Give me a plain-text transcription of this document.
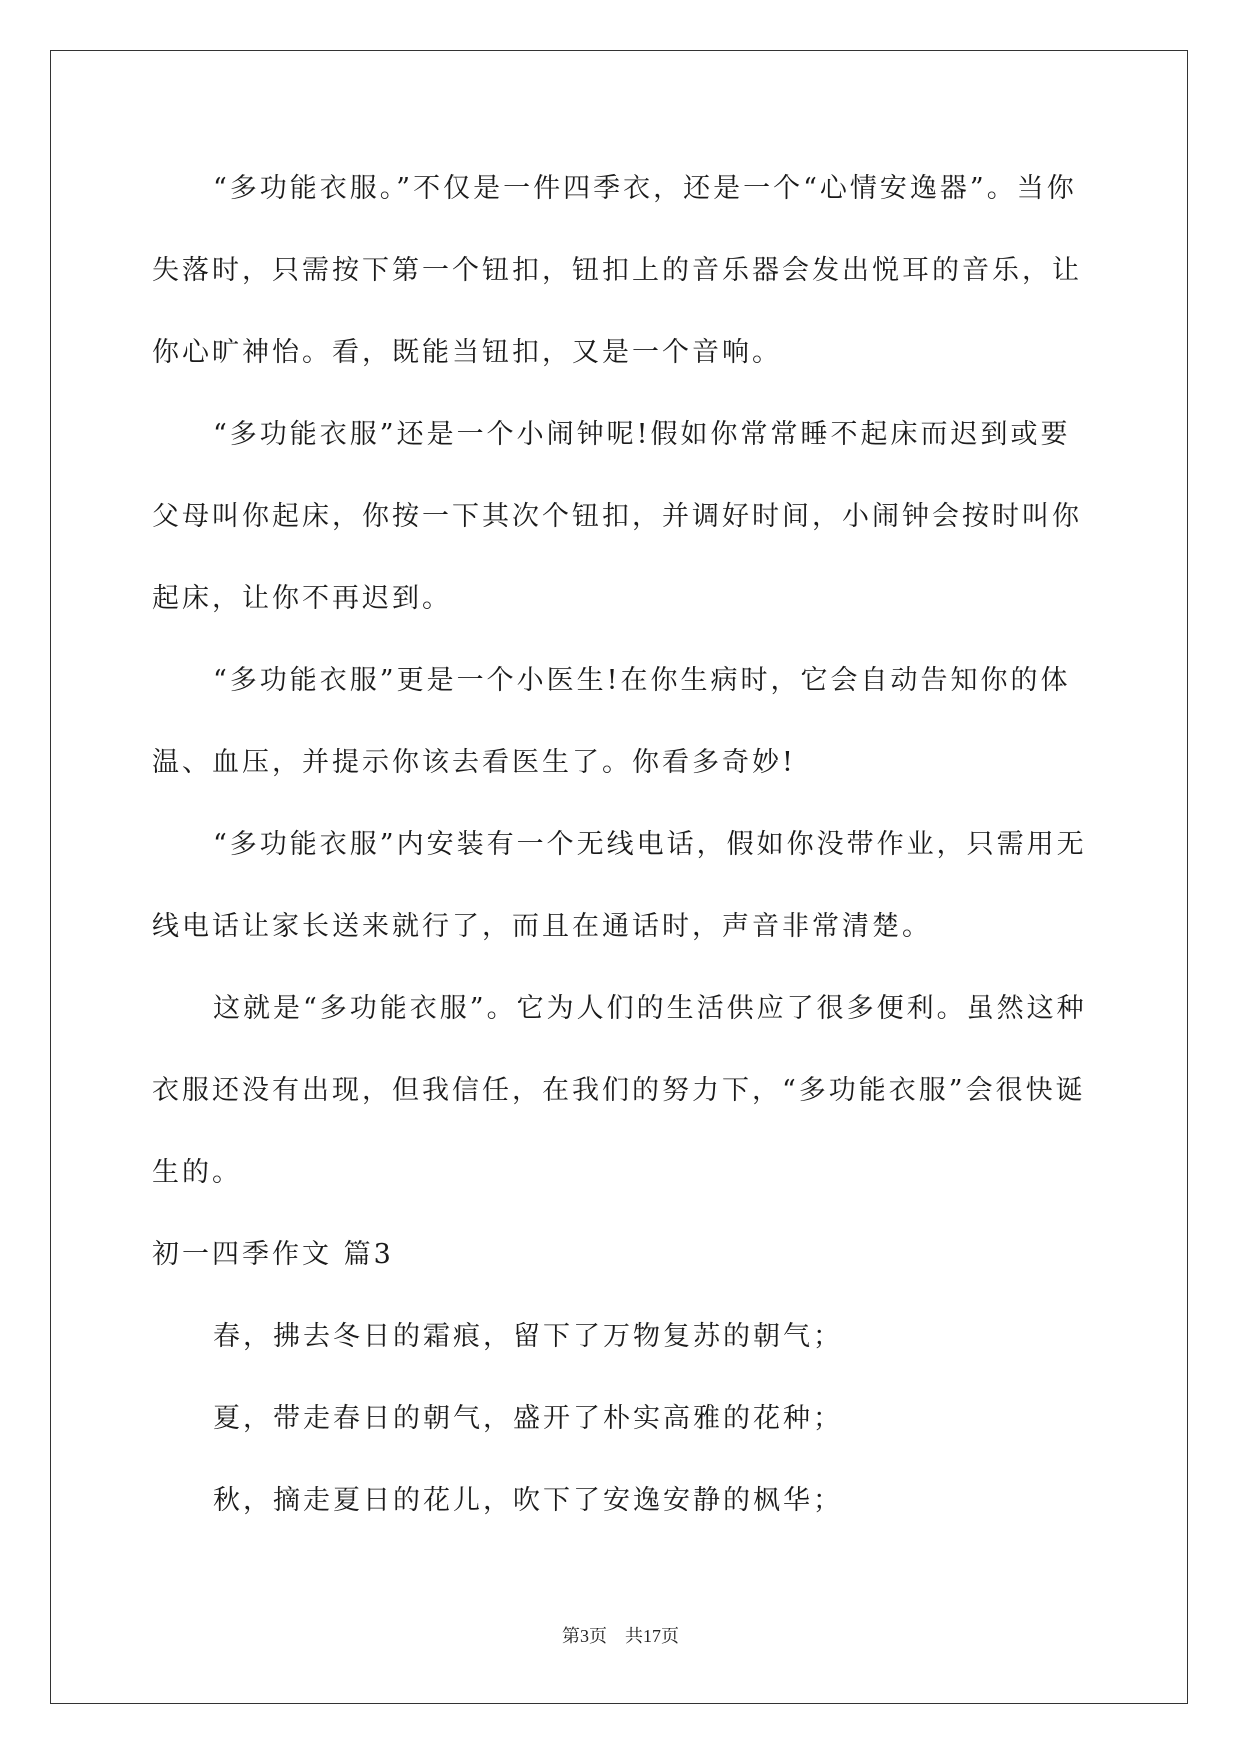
“多功能衣服。”不仅是一件四季衣，还是一个“心情安逸器”。当你失落时，只需按下第一个钮扣，钮扣上的音乐器会发出悦耳的音乐，让你心旷神怡。看，既能当钮扣，又是一个音响。

“多功能衣服”还是一个小闹钟呢!假如你常常睡不起床而迟到或要父母叫你起床，你按一下其次个钮扣，并调好时间，小闹钟会按时叫你起床，让你不再迟到。

“多功能衣服”更是一个小医生!在你生病时，它会自动告知你的体温、血压，并提示你该去看医生了。你看多奇妙!

“多功能衣服”内安装有一个无线电话，假如你没带作业，只需用无线电话让家长送来就行了，而且在通话时，声音非常清楚。

这就是“多功能衣服”。它为人们的生活供应了很多便利。虽然这种衣服还没有出现，但我信任，在我们的努力下，“多功能衣服”会很快诞生的。

初一四季作文 篇3

春，拂去冬日的霜痕，留下了万物复苏的朝气；

夏，带走春日的朝气，盛开了朴实高雅的花种；

秋，摘走夏日的花儿，吹下了安逸安静的枫华；

第3页　共17页
